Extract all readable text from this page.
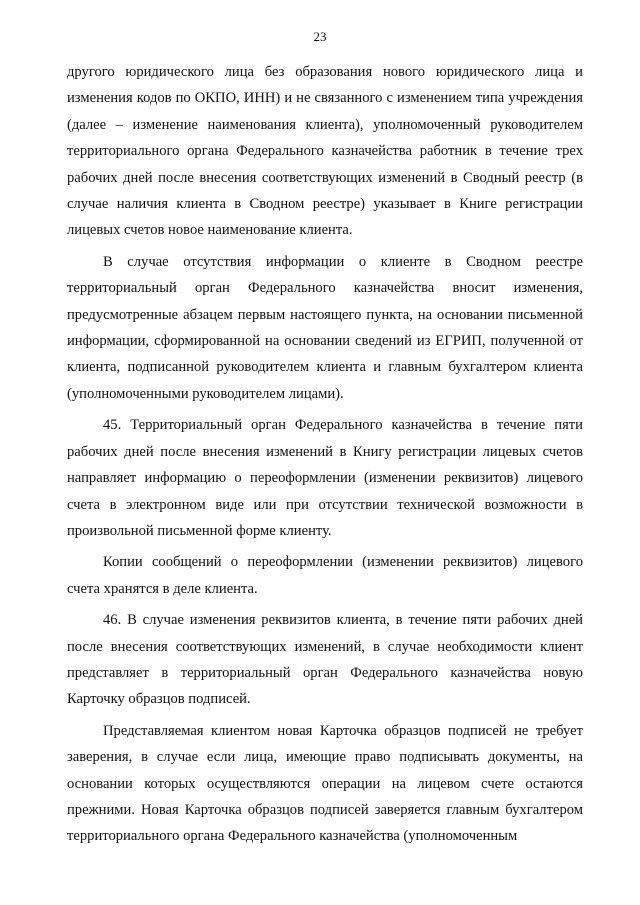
23

другого юридического лица без образования нового юридического лица и изменения кодов по ОКПО, ИНН) и не связанного с изменением типа учреждения (далее – изменение наименования клиента), уполномоченный руководителем территориального органа Федерального казначейства работник в течение трех рабочих дней после внесения соответствующих изменений в Сводный реестр (в случае наличия клиента в Сводном реестре) указывает в Книге регистрации лицевых счетов новое наименование клиента.

В случае отсутствия информации о клиенте в Сводном реестре территориальный орган Федерального казначейства вносит изменения, предусмотренные абзацем первым настоящего пункта, на основании письменной информации, сформированной на основании сведений из ЕГРИП, полученной от клиента, подписанной руководителем клиента и главным бухгалтером клиента (уполномоченными руководителем лицами).

45. Территориальный орган Федерального казначейства в течение пяти рабочих дней после внесения изменений в Книгу регистрации лицевых счетов направляет информацию о переоформлении (изменении реквизитов) лицевого счета в электронном виде или при отсутствии технической возможности в произвольной письменной форме клиенту.

Копии сообщений о переоформлении (изменении реквизитов) лицевого счета хранятся в деле клиента.

46. В случае изменения реквизитов клиента, в течение пяти рабочих дней после внесения соответствующих изменений, в случае необходимости клиент представляет в территориальный орган Федерального казначейства новую Карточку образцов подписей.

Представляемая клиентом новая Карточка образцов подписей не требует заверения, в случае если лица, имеющие право подписывать документы, на основании которых осуществляются операции на лицевом счете остаются прежними. Новая Карточка образцов подписей заверяется главным бухгалтером территориального органа Федерального казначейства (уполномоченным
